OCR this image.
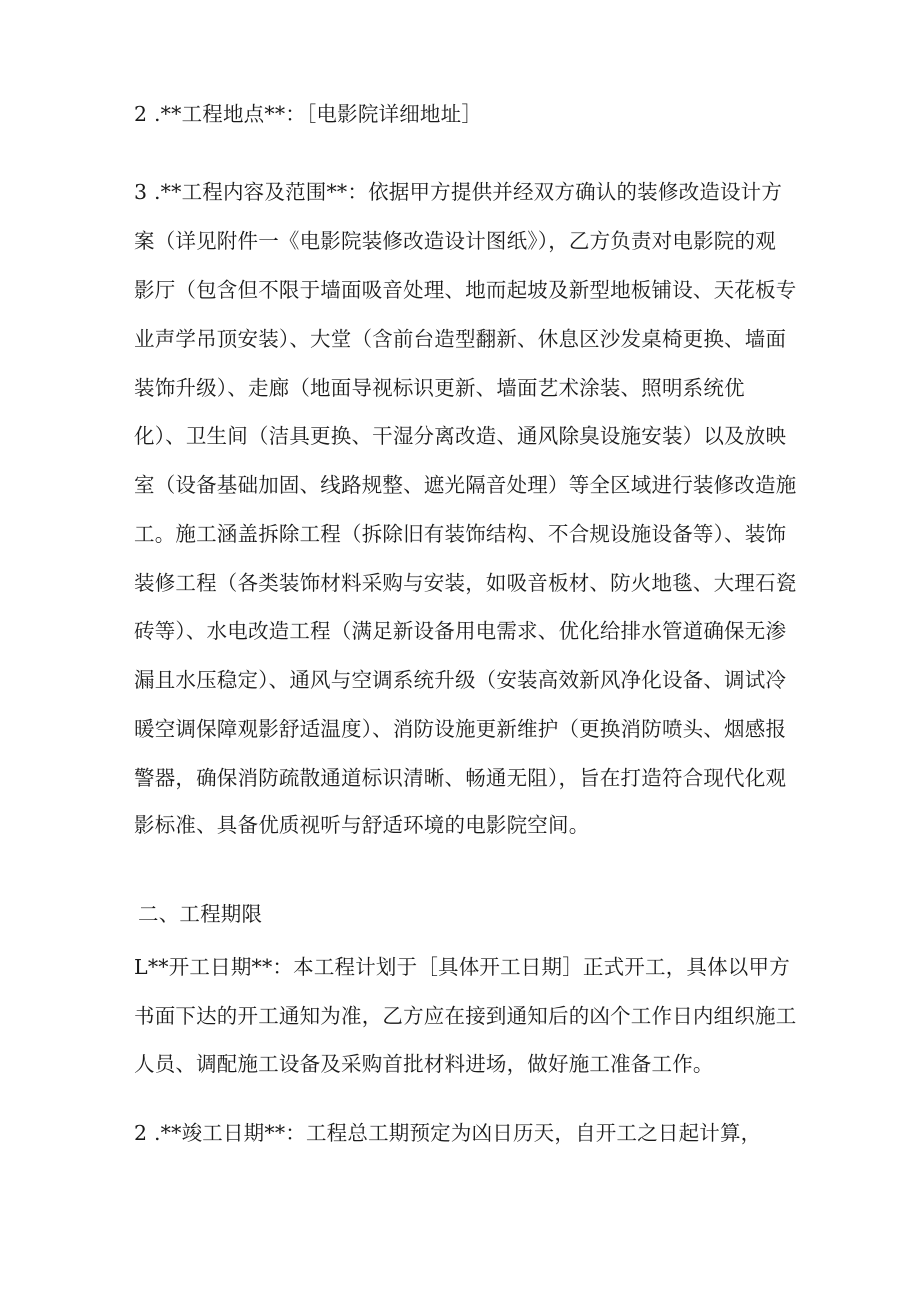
2 .**工程地点**：［电影院详细地址］
3 .**工程内容及范围**：依据甲方提供并经双方确认的装修改造设计方
案（详见附件一《电影院装修改造设计图纸》），乙方负责对电影院的观
影厅（包含但不限于墙面吸音处理、地而起坡及新型地板铺设、天花板专
业声学吊顶安装）、大堂（含前台造型翻新、休息区沙发桌椅更换、墙面
装饰升级）、走廊（地面导视标识更新、墙面艺术涂装、照明系统优
化）、卫生间（洁具更换、干湿分离改造、通风除臭设施安装）以及放映
室（设备基础加固、线路规整、遮光隔音处理）等全区域进行装修改造施
工。施工涵盖拆除工程（拆除旧有装饰结构、不合规设施设备等）、装饰
装修工程（各类装饰材料采购与安装，如吸音板材、防火地毯、大理石瓷
砖等）、水电改造工程（满足新设备用电需求、优化给排水管道确保无渗
漏且水压稳定）、通风与空调系统升级（安装高效新风净化设备、调试冷
暖空调保障观影舒适温度）、消防设施更新维护（更换消防喷头、烟感报
警器，确保消防疏散通道标识清晰、畅通无阻），旨在打造符合现代化观
影标准、具备优质视听与舒适环境的电影院空间。
二、工程期限
L**开工日期**：本工程计划于［具体开工日期］正式开工，具体以甲方
书面下达的开工通知为准，乙方应在接到通知后的凶个工作日内组织施工
人员、调配施工设备及采购首批材料进场，做好施工准备工作。
2 .**竣工日期**：工程总工期预定为凶日历天，自开工之日起计算，
